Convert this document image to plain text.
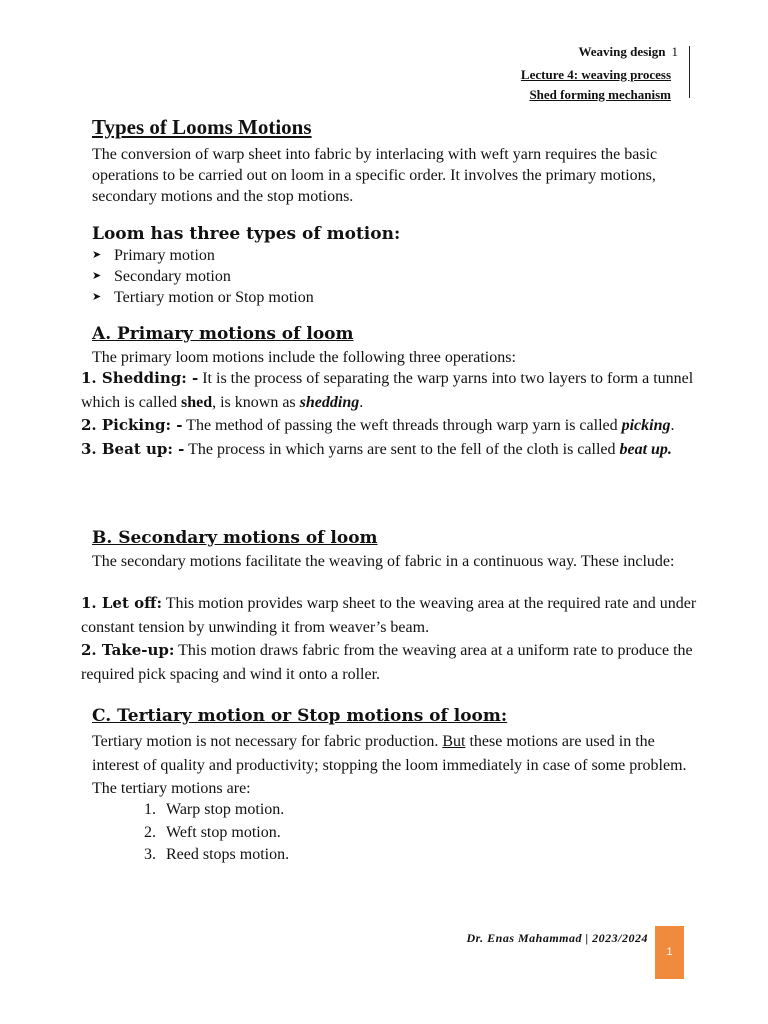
Weaving design 1
Lecture 4: weaving process
Shed forming mechanism
Types of Looms Motions
The conversion of warp sheet into fabric by interlacing with weft yarn requires the basic operations to be carried out on loom in a specific order. It involves the primary motions, secondary motions and the stop motions.
Loom has three types of motion:
➤ Primary motion
➤ Secondary motion
➤ Tertiary motion or Stop motion
A. Primary motions of loom
The primary loom motions include the following three operations:
1. Shedding: - It is the process of separating the warp yarns into two layers to form a tunnel which is called shed, is known as shedding.
2. Picking: - The method of passing the weft threads through warp yarn is called picking.
3. Beat up: - The process in which yarns are sent to the fell of the cloth is called beat up.
B. Secondary motions of loom
The secondary motions facilitate the weaving of fabric in a continuous way. These include:
1. Let off: This motion provides warp sheet to the weaving area at the required rate and under constant tension by unwinding it from weaver’s beam.
2. Take-up: This motion draws fabric from the weaving area at a uniform rate to produce the required pick spacing and wind it onto a roller.
C. Tertiary motion or Stop motions of loom:
Tertiary motion is not necessary for fabric production. But these motions are used in the interest of quality and productivity; stopping the loom immediately in case of some problem. The tertiary motions are:
1. Warp stop motion.
2. Weft stop motion.
3. Reed stops motion.
Dr. Enas Mahammad | 2023/2024
1
